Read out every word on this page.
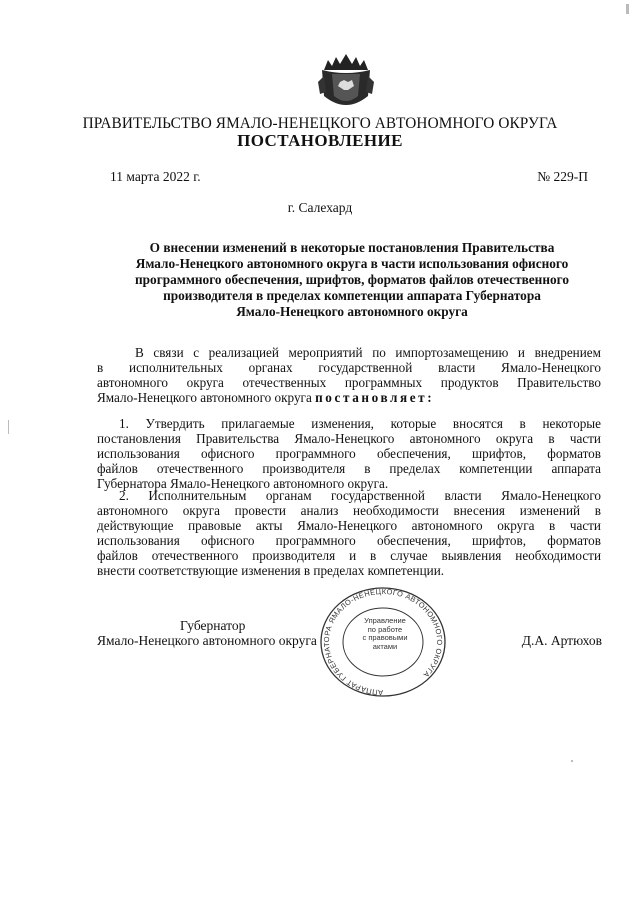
ПРАВИТЕЛЬСТВО ЯМАЛО-НЕНЕЦКОГО АВТОНОМНОГО ОКРУГА
ПОСТАНОВЛЕНИЕ
11 марта 2022 г.	№ 229-П
г. Салехард
О внесении изменений в некоторые постановления Правительства
Ямало-Ненецкого автономного округа в части использования офисного
программного обеспечения, шрифтов, форматов файлов отечественного
производителя в пределах компетенции аппарата Губернатора
Ямало-Ненецкого автономного округа
В связи с реализацией мероприятий по импортозамещению и внедрением
в исполнительных органах государственной власти Ямало-Ненецкого
автономного округа отечественных программных продуктов Правительство
Ямало-Ненецкого автономного округа постановляет:
1. Утвердить прилагаемые изменения, которые вносятся в некоторые
постановления Правительства Ямало-Ненецкого автономного округа в части
использования офисного программного обеспечения, шрифтов, форматов
файлов отечественного производителя в пределах компетенции аппарата
Губернатора Ямало-Ненецкого автономного округа.
2. Исполнительным органам государственной власти Ямало-Ненецкого
автономного округа провести анализ необходимости внесения изменений в
действующие правовые акты Ямало-Ненецкого автономного округа в части
использования офисного программного обеспечения, шрифтов, форматов
файлов отечественного производителя и в случае выявления необходимости
внести соответствующие изменения в пределах компетенции.
Губернатор
Ямало-Ненецкого автономного округа	Д.А. Артюхов
АППАРАТ ГУБЕРНАТОРА ЯМАЛО-НЕНЕЦКОГО АВТОНОМНОГО ОКРУГА
Управление
по работе
с правовыми
актами
